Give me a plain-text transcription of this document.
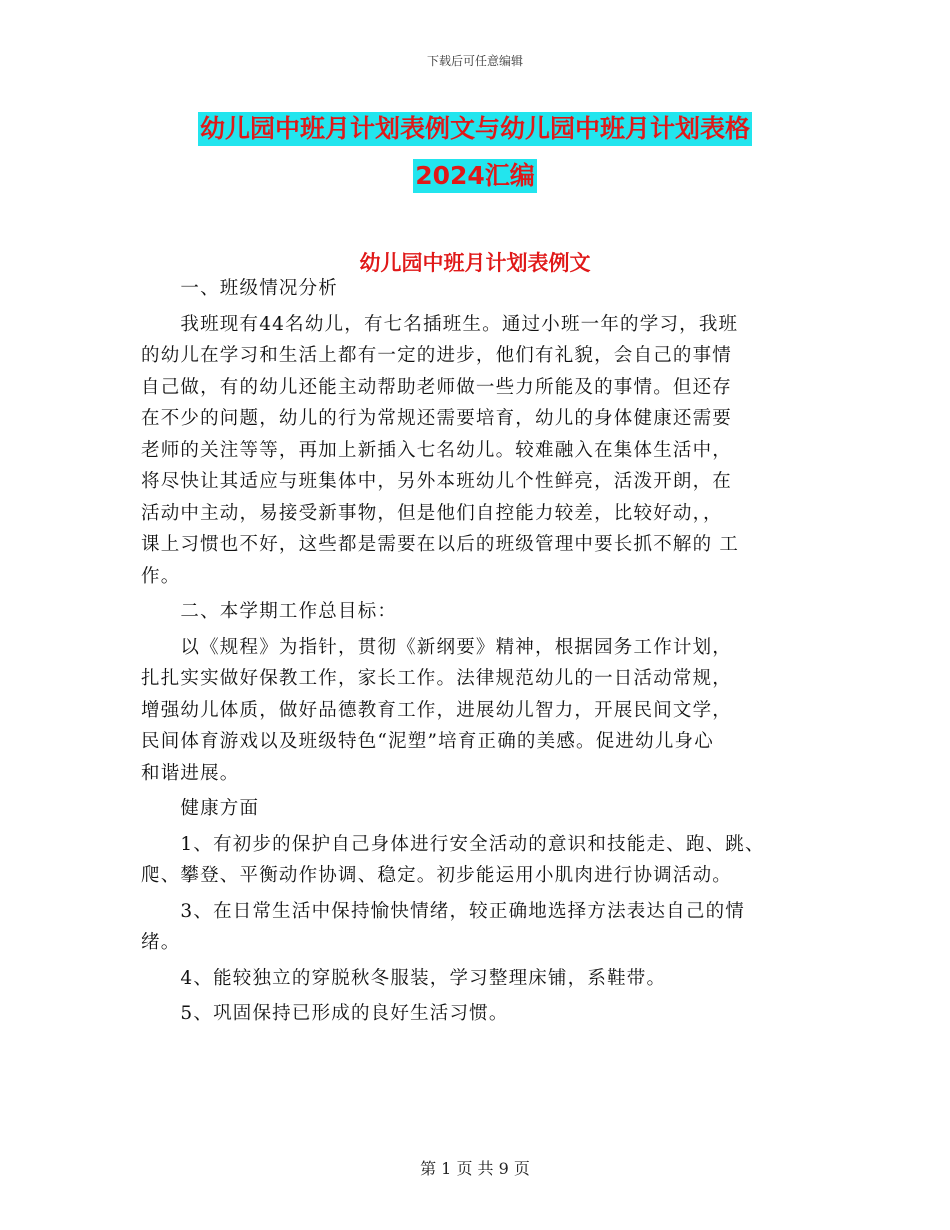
下载后可任意编辑
幼儿园中班月计划表例文与幼儿园中班月计划表格
2024汇编
幼儿园中班月计划表例文

　　一、班级情况分析

　　我班现有44名幼儿，有七名插班生。通过小班一年的学习，我班

的幼儿在学习和生活上都有一定的进步，他们有礼貌，会自己的事情

自己做，有的幼儿还能主动帮助老师做一些力所能及的事情。但还存

在不少的问题，幼儿的行为常规还需要培育，幼儿的身体健康还需要

老师的关注等等，再加上新插入七名幼儿。较难融入在集体生活中，

将尽快让其适应与班集体中，另外本班幼儿个性鲜亮，活泼开朗，在

活动中主动，易接受新事物，但是他们自控能力较差，比较好动，，

课上习惯也不好，这些都是需要在以后的班级管理中要长抓不解的 工

作。

　　二、本学期工作总目标：

　　以《规程》为指针，贯彻《新纲要》精神，根据园务工作计划，

扎扎实实做好保教工作，家长工作。法律规范幼儿的一日活动常规，

增强幼儿体质，做好品德教育工作，进展幼儿智力，开展民间文学，

民间体育游戏以及班级特色“泥塑”培育正确的美感。促进幼儿身心

和谐进展。

　　健康方面

　　1、有初步的保护自己身体进行安全活动的意识和技能走、跑、跳、

爬、攀登、平衡动作协调、稳定。初步能运用小肌肉进行协调活动。

　　3、在日常生活中保持愉快情绪，较正确地选择方法表达自己的情

绪。

　　4、能较独立的穿脱秋冬服装，学习整理床铺，系鞋带。

　　5、巩固保持已形成的良好生活习惯。

第 1 页 共 9 页
